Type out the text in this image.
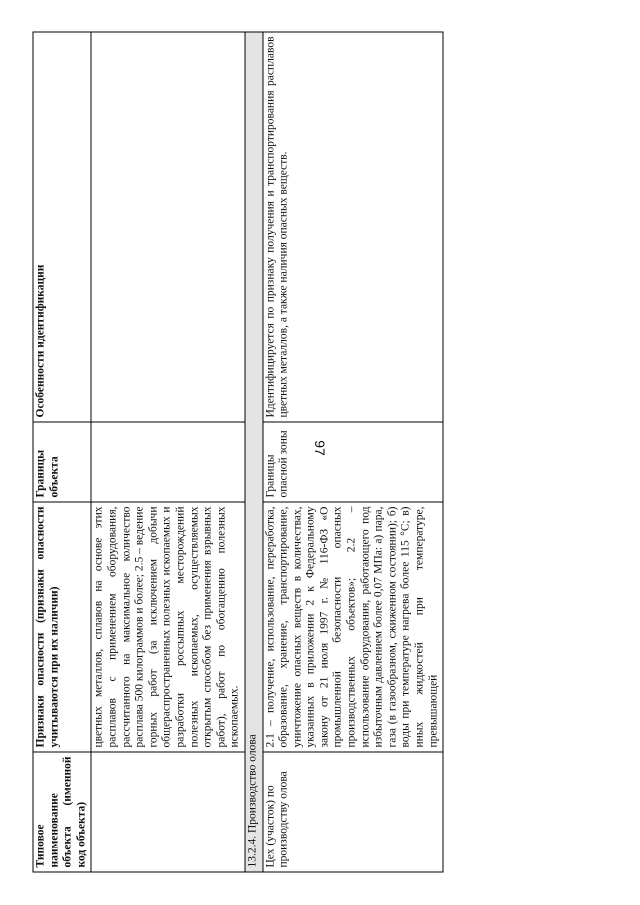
97
Типовое наименование объекта (именной код объекта)	Признаки опасности (признаки опасности учитываются при их наличии)	Границы объекта	Особенности идентификации
	цветных металлов, сплавов на основе этих расплавов с применением оборудования, рассчитанного на максимальное количество расплава 500 килограммов и более; 2.5 – ведение горных работ (за исключением добычи общераспространенных полезных ископаемых и разработки россыпных месторождений полезных ископаемых, осуществляемых открытым способом без применения взрывных работ), работ по обогащению полезных ископаемых.		
13.2.4. Производство олова			
Цех (участок) по производству олова	2.1 – получение, использование, переработка, образование, хранение, транспортирование, уничтожение опасных веществ в количествах, указанных в приложении 2 к Федеральному закону от 21 июля 1997 г. № 116-ФЗ «О промышленной безопасности опасных производственных объектов»; 2.2 – использование оборудования, работающего под избыточным давлением более 0,07 МПа: а) пара, газа (в газообразном, сжиженном состоянии); б) воды при температуре нагрева более 115 °С; в) иных жидкостей при температуре, превышающей	Границы опасной зоны	Идентифицируется по признаку получения и транспортирования расплавов цветных металлов, а также наличия опасных веществ.
